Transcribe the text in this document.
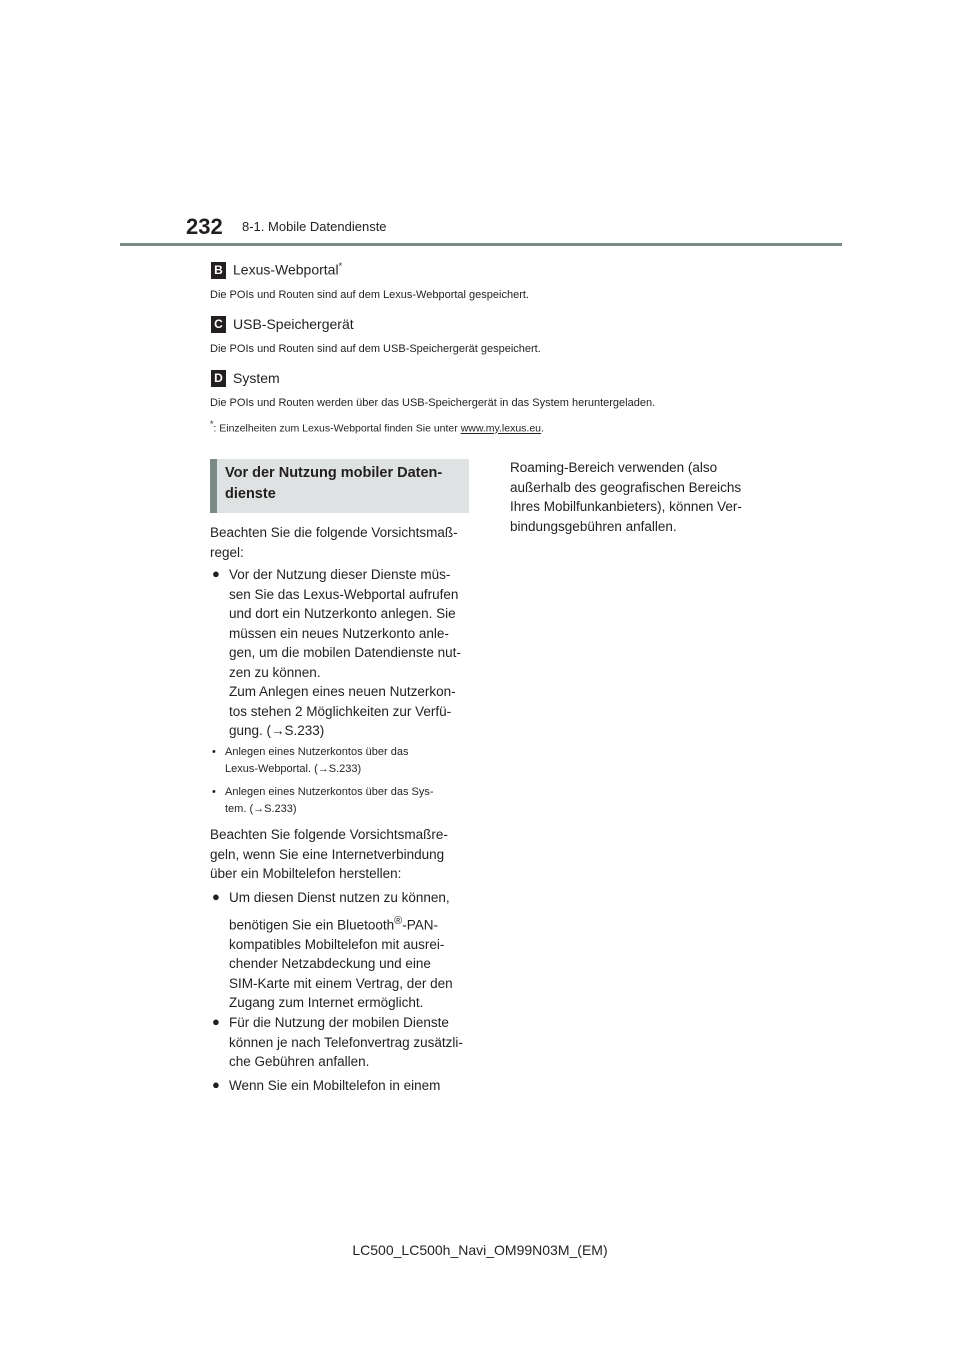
232 8-1. Mobile Datendienste
B Lexus-Webportal*
Die POIs und Routen sind auf dem Lexus-Webportal gespeichert.
C USB-Speichergerät
Die POIs und Routen sind auf dem USB-Speichergerät gespeichert.
D System
Die POIs und Routen werden über das USB-Speichergerät in das System heruntergeladen.
*: Einzelheiten zum Lexus-Webportal finden Sie unter www.my.lexus.eu.
Vor der Nutzung mobiler Daten-
dienste
Beachten Sie die folgende Vorsichtsmaß-
regel:
● Vor der Nutzung dieser Dienste müs-
sen Sie das Lexus-Webportal aufrufen
und dort ein Nutzerkonto anlegen. Sie
müssen ein neues Nutzerkonto anle-
gen, um die mobilen Datendienste nut-
zen zu können.
Zum Anlegen eines neuen Nutzerkon-
tos stehen 2 Möglichkeiten zur Verfü-
gung. (→S.233)
• Anlegen eines Nutzerkontos über das
Lexus-Webportal. (→S.233)
• Anlegen eines Nutzerkontos über das Sys-
tem. (→S.233)
Beachten Sie folgende Vorsichtsmaßre-
geln, wenn Sie eine Internetverbindung
über ein Mobiltelefon herstellen:
● Um diesen Dienst nutzen zu können,
benötigen Sie ein Bluetooth®-PAN-
kompatibles Mobiltelefon mit ausrei-
chender Netzabdeckung und eine
SIM-Karte mit einem Vertrag, der den
Zugang zum Internet ermöglicht.
● Für die Nutzung der mobilen Dienste
können je nach Telefonvertrag zusätzli-
che Gebühren anfallen.
● Wenn Sie ein Mobiltelefon in einem
Roaming-Bereich verwenden (also
außerhalb des geografischen Bereichs
Ihres Mobilfunkanbieters), können Ver-
bindungsgebühren anfallen.
LC500_LC500h_Navi_OM99N03M_(EM)
